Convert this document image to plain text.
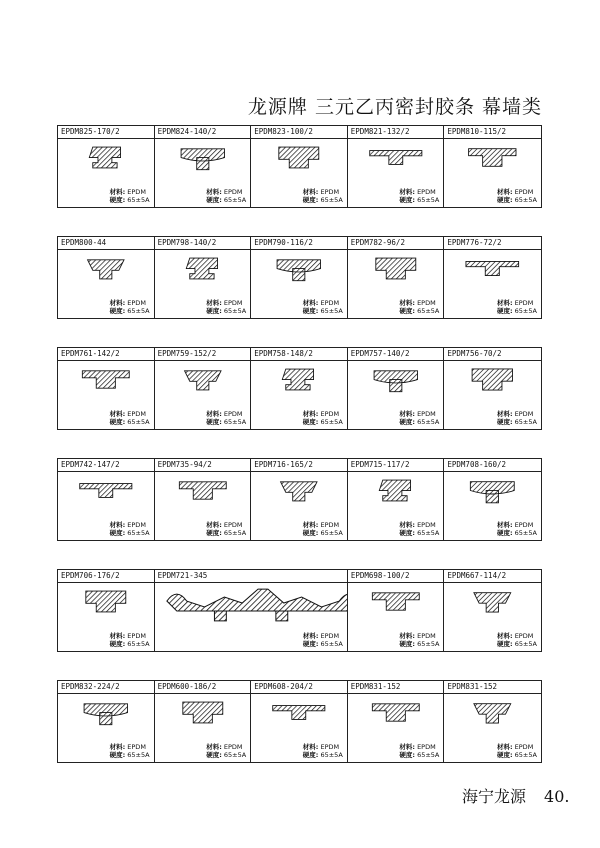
龙源牌 三元乙丙密封胶条 幕墙类
EPDM825-170/2
材料: EPDM
硬度: 65±5A
EPDM824-140/2
材料: EPDM
硬度: 65±5A
EPDM823-100/2
材料: EPDM
硬度: 65±5A
EPDM821-132/2
材料: EPDM
硬度: 65±5A
EPDM810-115/2
材料: EPDM
硬度: 65±5A
EPDM800-44
材料: EPDM
硬度: 65±5A
EPDM798-140/2
材料: EPDM
硬度: 65±5A
EPDM790-116/2
材料: EPDM
硬度: 65±5A
EPDM782-96/2
材料: EPDM
硬度: 65±5A
EPDM776-72/2
材料: EPDM
硬度: 65±5A
EPDM761-142/2
材料: EPDM
硬度: 65±5A
EPDM759-152/2
材料: EPDM
硬度: 65±5A
EPDM758-148/2
材料: EPDM
硬度: 65±5A
EPDM757-140/2
材料: EPDM
硬度: 65±5A
EPDM756-70/2
材料: EPDM
硬度: 65±5A
EPDM742-147/2
材料: EPDM
硬度: 65±5A
EPDM735-94/2
材料: EPDM
硬度: 65±5A
EPDM716-165/2
材料: EPDM
硬度: 65±5A
EPDM715-117/2
材料: EPDM
硬度: 65±5A
EPDM708-160/2
材料: EPDM
硬度: 65±5A
EPDM706-176/2
材料: EPDM
硬度: 65±5A
EPDM721-345
材料: EPDM
硬度: 65±5A
EPDM698-100/2
材料: EPDM
硬度: 65±5A
EPDM667-114/2
材料: EPDM
硬度: 65±5A
EPDM832-224/2
材料: EPDM
硬度: 65±5A
EPDM600-186/2
材料: EPDM
硬度: 65±5A
EPDM608-204/2
材料: EPDM
硬度: 65±5A
EPDM831-152
材料: EPDM
硬度: 65±5A
EPDM831-152
材料: EPDM
硬度: 65±5A
海宁龙源 40.
